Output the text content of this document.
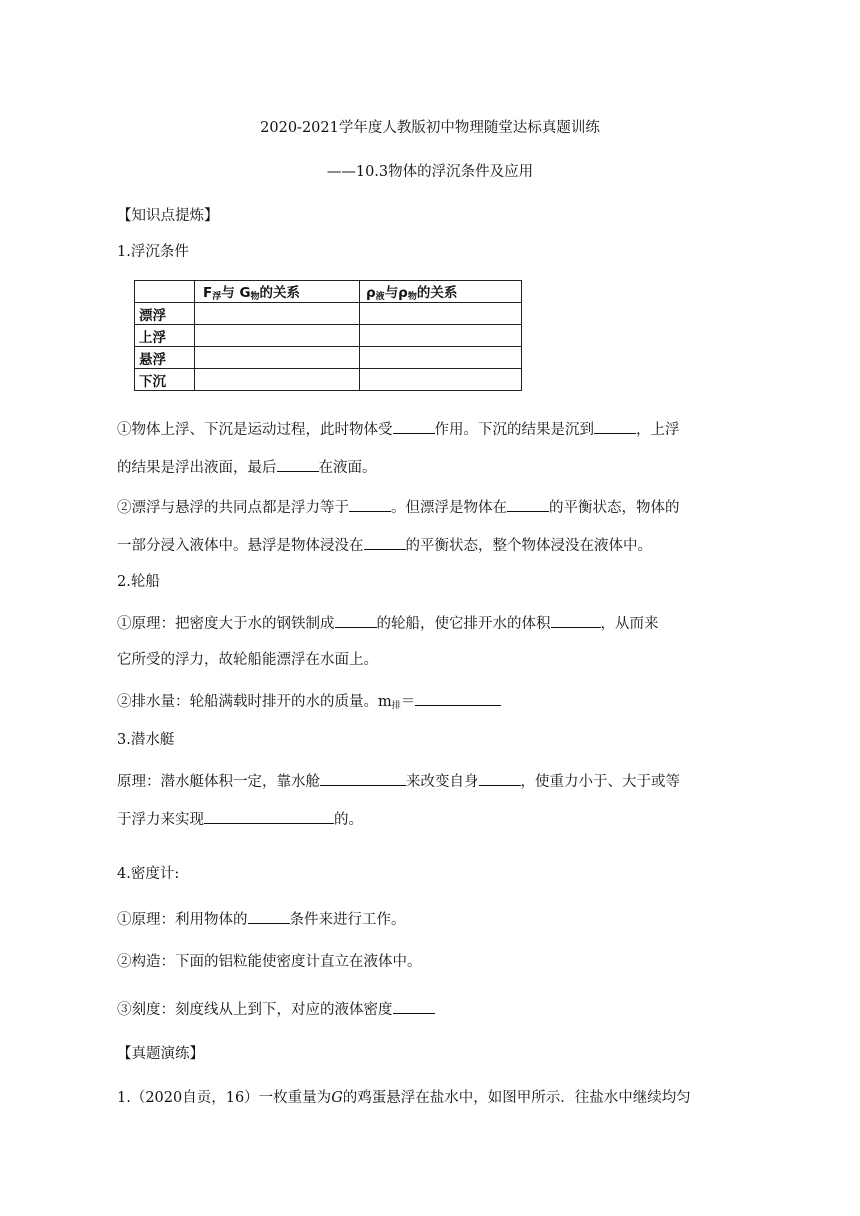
2020-2021学年度人教版初中物理随堂达标真题训练
——10.3物体的浮沉条件及应用
【知识点提炼】
1.浮沉条件
	$F_浮$与 $G_物$的关系	$\rho_液$与$\rho_物$的关系
漂浮		
上浮		
悬浮		
下沉		
①物体上浮、下沉是运动过程，此时物体受	作用。下沉的结果是沉到	，上浮
的结果是浮出液面，最后	在液面。
②漂浮与悬浮的共同点都是浮力等于	。但漂浮是物体在	的平衡状态，物体的
一部分浸入液体中。悬浮是物体浸没在	的平衡状态，整个物体浸没在液体中。
2.轮船
①原理：把密度大于水的钢铁制成	的轮船，使它排开水的体积	，从而来
它所受的浮力，故轮船能漂浮在水面上。
②排水量：轮船满载时排开的水的质量。$m_排=$
3.潜水艇
原理：潜水艇体积一定，靠水舱	来改变自身	，使重力小于、大于或等
于浮力来实现	的。
4.密度计:
①原理：利用物体的	条件来进行工作。
②构造：下面的铝粒能使密度计直立在液体中。
③刻度：刻度线从上到下，对应的液体密度
【真题演练】
1.（2020自贡，16）一枚重量为G的鸡蛋悬浮在盐水中，如图甲所示．往盐水中继续均匀
